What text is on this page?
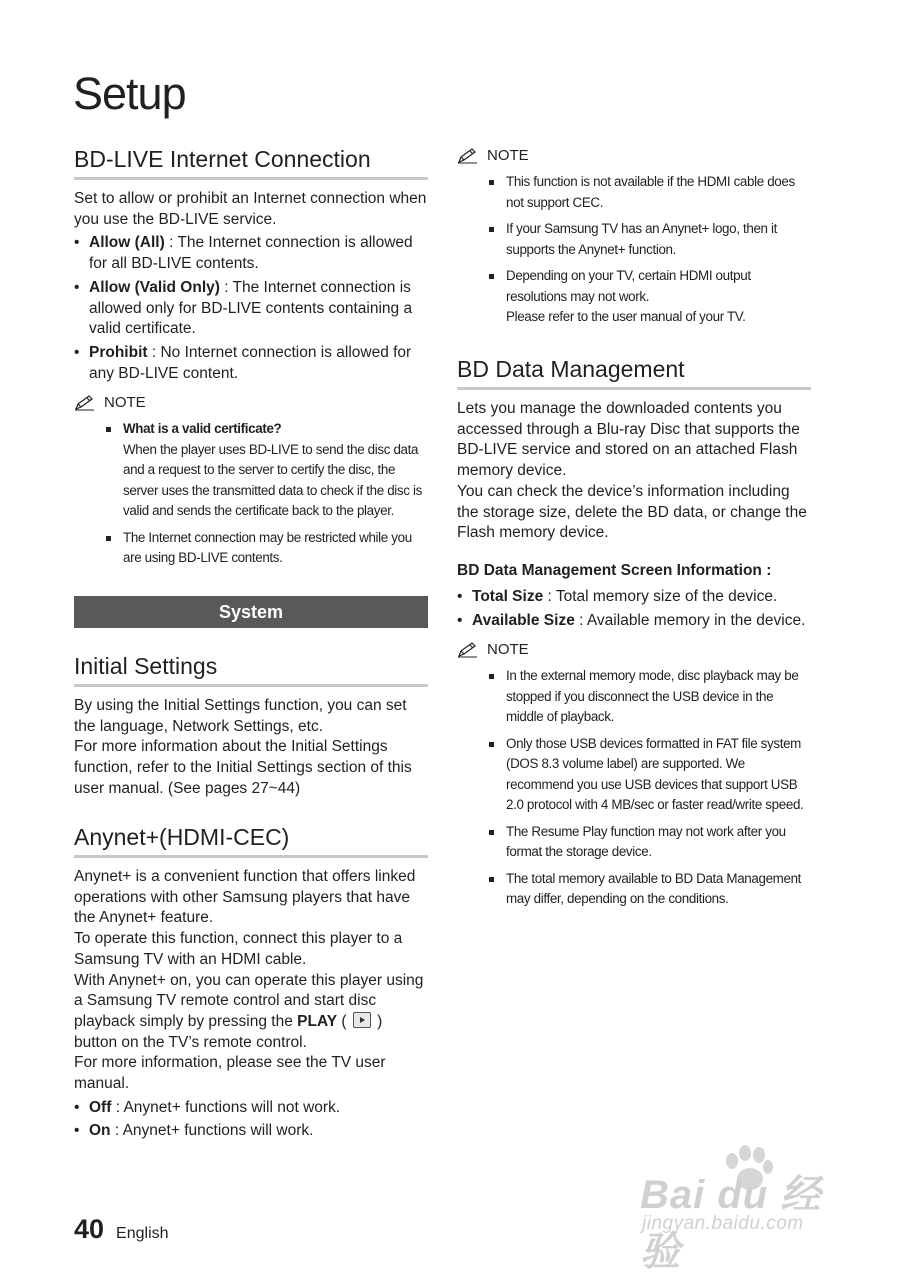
Setup
BD-LIVE Internet Connection
Set to allow or prohibit an Internet connection when you use the BD-LIVE service.
• Allow (All) : The Internet connection is allowed for all BD-LIVE contents.
• Allow (Valid Only) : The Internet connection is allowed only for BD-LIVE contents containing a valid certificate.
• Prohibit : No Internet connection is allowed for any BD-LIVE content.
NOTE
What is a valid certificate?
When the player uses BD-LIVE to send the disc data and a request to the server to certify the disc, the server uses the transmitted data to check if the disc is valid and sends the certificate back to the player.
The Internet connection may be restricted while you are using BD-LIVE contents.
Initial Settings
By using the Initial Settings function, you can set the language, Network Settings, etc.
For more information about the Initial Settings function, refer to the Initial Settings section of this user manual. (See pages 27~44)
Anynet+(HDMI-CEC)
Anynet+ is a convenient function that offers linked operations with other Samsung players that have the Anynet+ feature.
To operate this function, connect this player to a Samsung TV with an HDMI cable.
With Anynet+ on, you can operate this player using a Samsung TV remote control and start disc playback simply by pressing the PLAY (  ) button on the TV’s remote control.
For more information, please see the TV user manual.
• Off : Anynet+ functions will not work.
• On : Anynet+ functions will work.
System
NOTE
This function is not available if the HDMI cable does not support CEC.
If your Samsung TV has an Anynet+ logo, then it supports the Anynet+ function.
Depending on your TV, certain HDMI output resolutions may not work.
Please refer to the user manual of your TV.
BD Data Management
Lets you manage the downloaded contents you accessed through a Blu-ray Disc that supports the BD-LIVE service and stored on an attached Flash memory device.
You can check the device’s information including the storage size, delete the BD data, or change the Flash memory device.
BD Data Management Screen Information :
• Total Size : Total memory size of the device.
• Available Size : Available memory in the device.
NOTE
In the external memory mode, disc playback may be stopped if you disconnect the USB device in the middle of playback.
Only those USB devices formatted in FAT file system (DOS 8.3 volume label) are supported. We recommend you use USB devices that support USB 2.0 protocol with 4 MB/sec or faster read/write speed.
The Resume Play function may not work after you format the storage device.
The total memory available to BD Data Management may differ, depending on the conditions.
40 English
Bai du 经验
jingyan.baidu.com
